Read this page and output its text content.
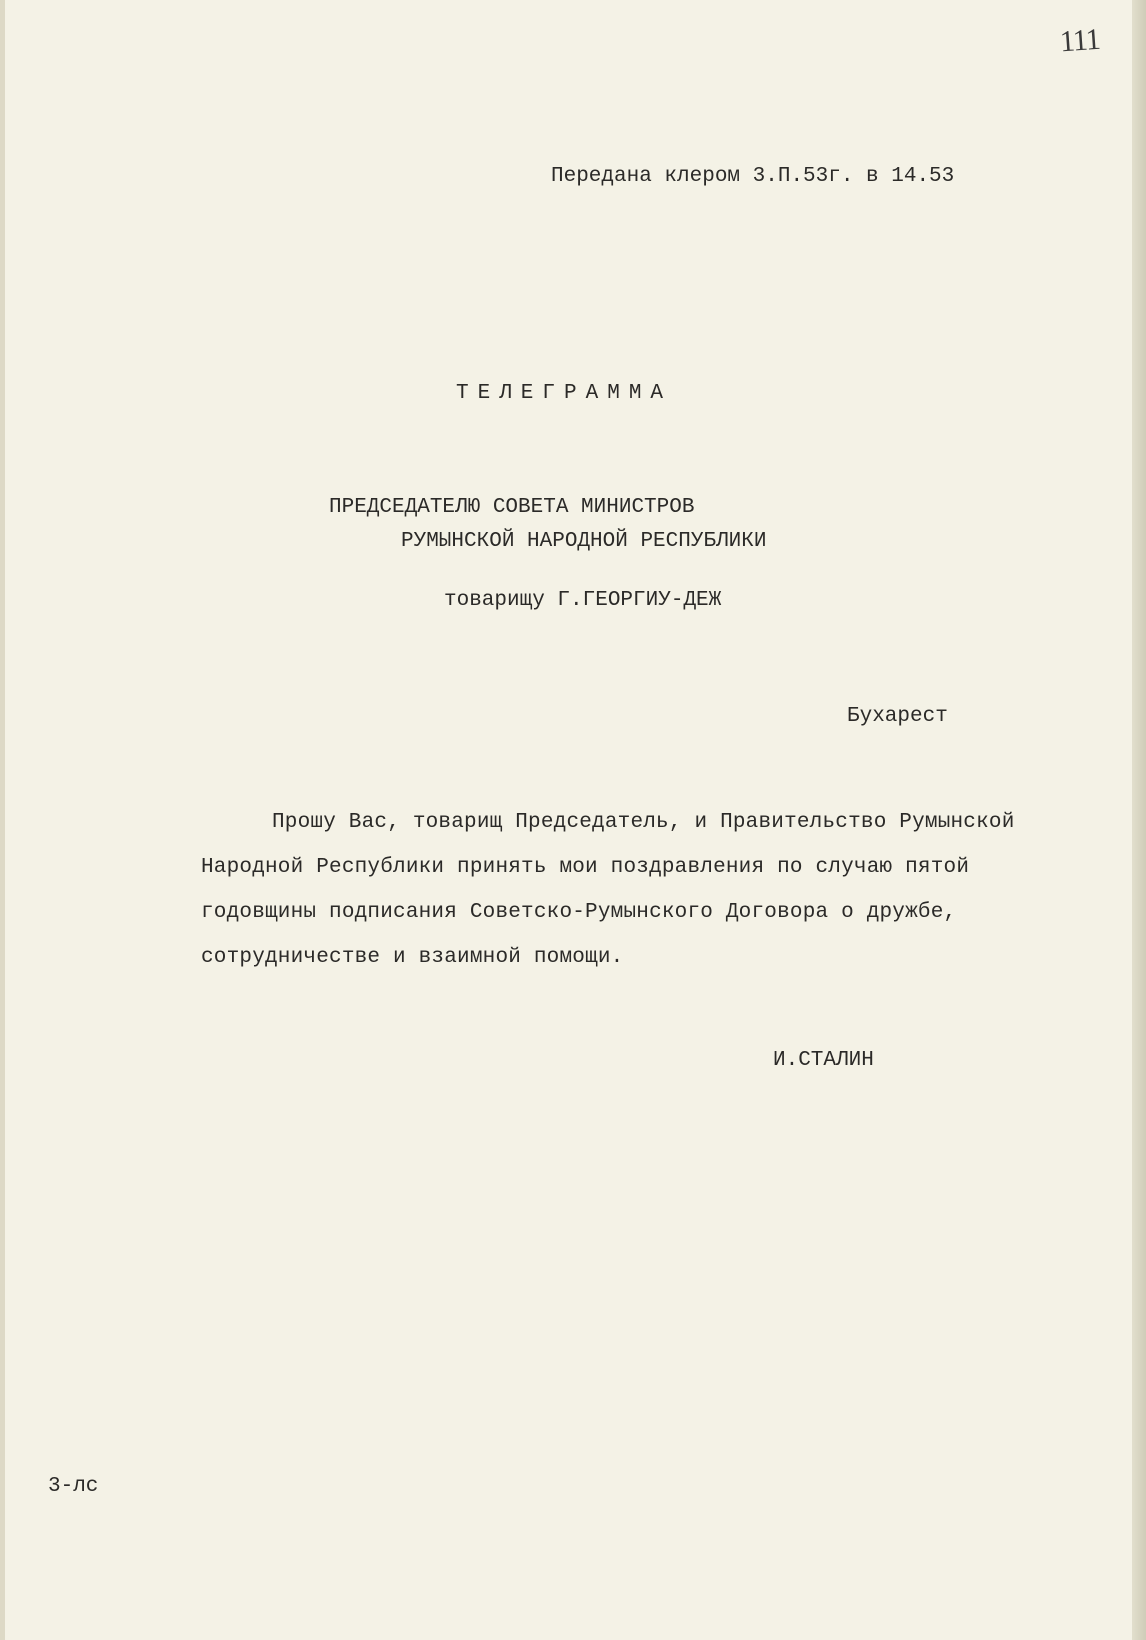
111
Передана клером 3.П.53г. в 14.53
ТЕЛЕГРАММА
ПРЕДСЕДАТЕЛЮ СОВЕТА МИНИСТРОВ
РУМЫНСКОЙ НАРОДНОЙ РЕСПУБЛИКИ
товарищу Г.ГЕОРГИУ-ДЕЖ
Бухарест
Прошу Вас, товарищ Председатель, и Правительство Румынской
Народной Республики принять мои поздравления по случаю пятой
годовщины подписания Советско-Румынского Договора о дружбе,
сотрудничестве и взаимной помощи.
И.СТАЛИН
3-лс
